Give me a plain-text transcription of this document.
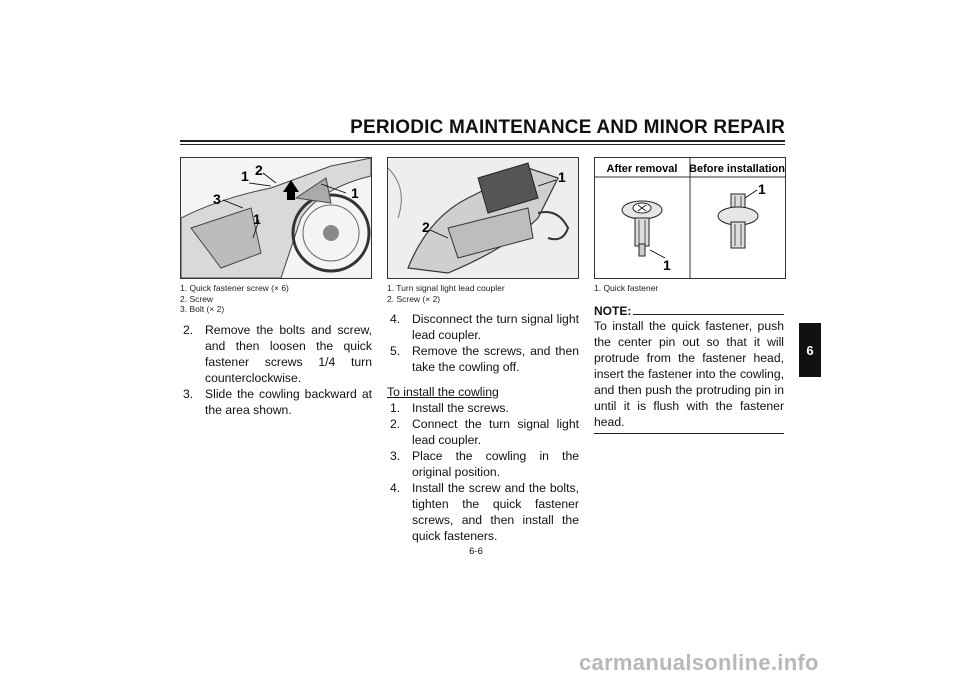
PERIODIC MAINTENANCE AND MINOR REPAIR
1 2
1
3
1
1. Quick fastener screw (× 6)
2. Screw
3. Bolt (× 2)
2. Remove the bolts and screw, and then loosen the quick fastener screws 1/4 turn counterclockwise.
3. Slide the cowling backward at the area shown.
1
2
1. Turn signal light lead coupler
2. Screw (× 2)
4. Disconnect the turn signal light lead coupler.
5. Remove the screws, and then take the cowling off.
To install the cowling
1. Install the screws.
2. Connect the turn signal light lead coupler.
3. Place the cowling in the original position.
4. Install the screw and the bolts, tighten the quick fastener screws, and then install the quick fasteners.
After removal Before installation
1
1
1. Quick fastener
NOTE:
To install the quick fastener, push the center pin out so that it will protrude from the fastener head, insert the fastener into the cowling, and then push the protruding pin in until it is flush with the fastener head.
6
6-6
carmanualsonline.info
